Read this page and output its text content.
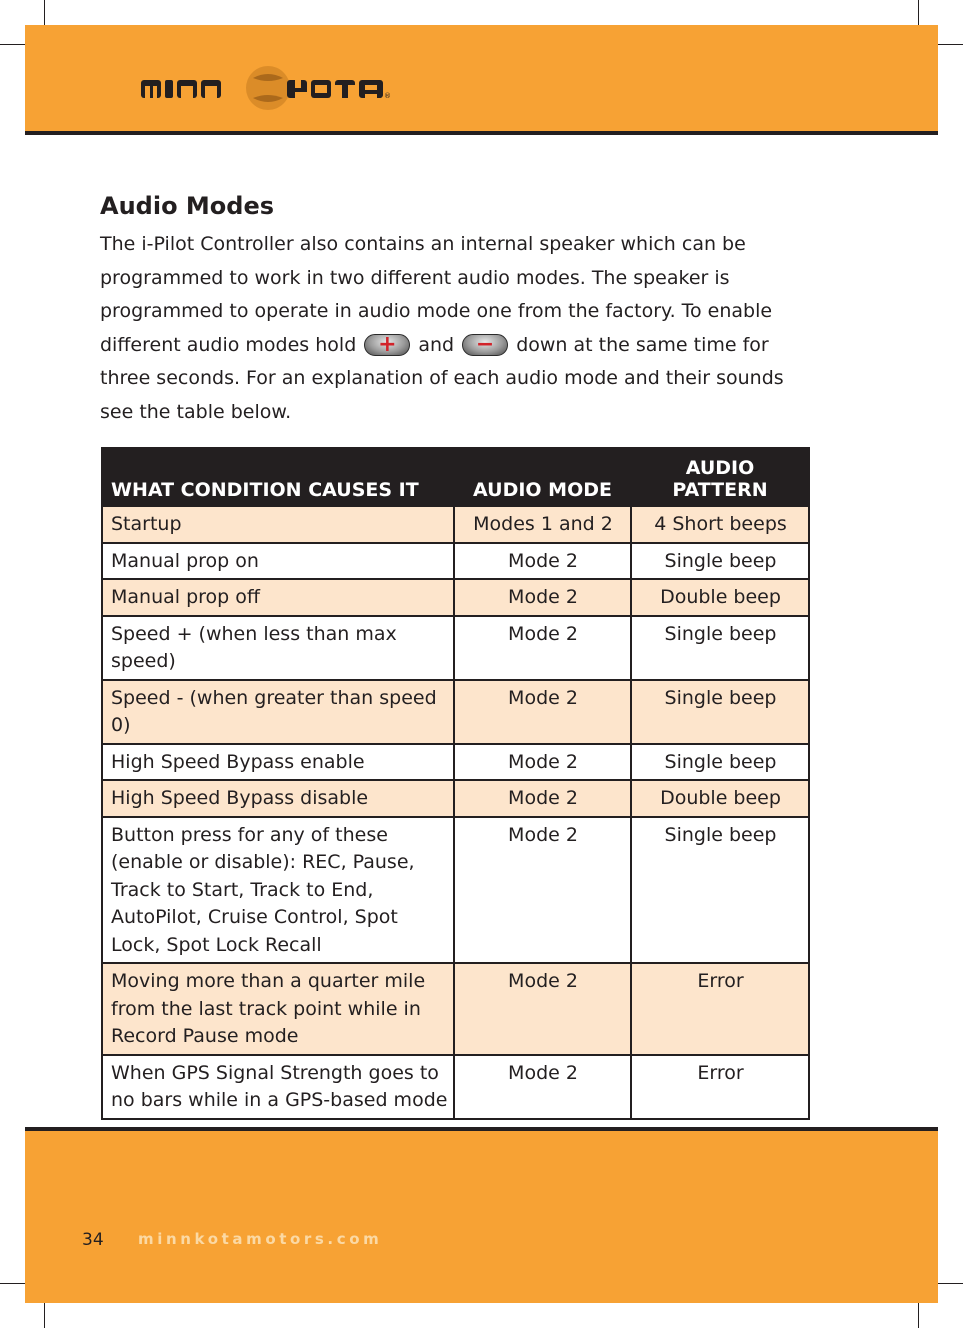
®
Audio Modes

The i-Pilot Controller also contains an internal speaker which can be programmed to work in two different audio modes. The speaker is programmed to operate in audio mode one from the factory. To enable different audio modes hold +	and −	down at the same time for three seconds. For an explanation of each audio mode and their sounds see the table below.

WHAT CONDITION CAUSES IT	AUDIO MODE	AUDIO PATTERN
Startup	Modes 1 and 2	4 Short beeps
Manual prop on	Mode 2	Single beep
Manual prop off	Mode 2	Double beep
Speed + (when less than max speed)	Mode 2	Single beep
Speed - (when greater than speed 0)	Mode 2	Single beep
High Speed Bypass enable	Mode 2	Single beep
High Speed Bypass disable	Mode 2	Double beep
Button press for any of these (enable or disable): REC, Pause, Track to Start, Track to End, AutoPilot, Cruise Control, Spot Lock, Spot Lock Recall	Mode 2	Single beep
Moving more than a quarter mile from the last track point while in Record Pause mode	Mode 2	Error
When GPS Signal Strength goes to no bars while in a GPS-based mode	Mode 2	Error
34 minnkotamotors.com
